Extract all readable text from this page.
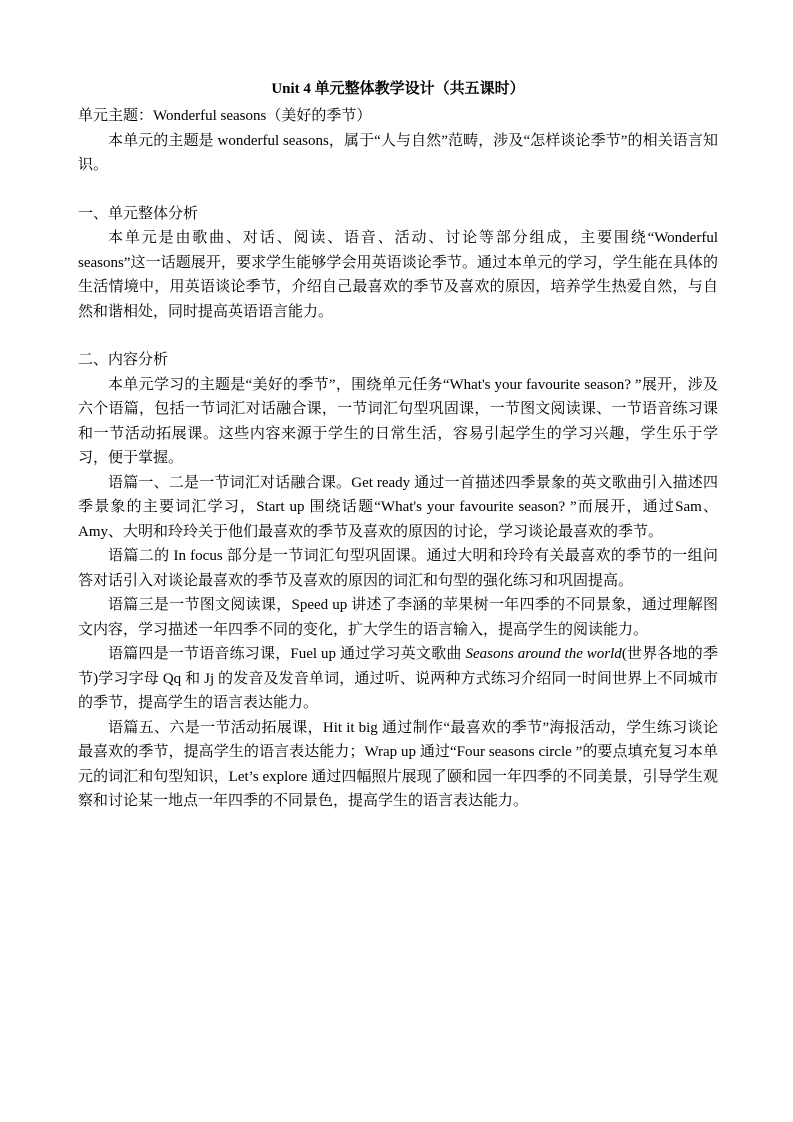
Unit 4 单元整体教学设计（共五课时）

单元主题：Wonderful seasons（美好的季节）

本单元的主题是 wonderful seasons，属于“人与自然”范畴，涉及“怎样谈论季节”的相关语言知识。

一、单元整体分析

本单元是由歌曲、对话、阅读、语音、活动、讨论等部分组成，主要围绕“Wonderful seasons”这一话题展开，要求学生能够学会用英语谈论季节。通过本单元的学习，学生能在具体的生活情境中，用英语谈论季节，介绍自己最喜欢的季节及喜欢的原因，培养学生热爱自然，与自然和谐相处，同时提高英语语言能力。

二、内容分析

本单元学习的主题是“美好的季节”，围绕单元任务“What's your favourite season? ”展开，涉及六个语篇，包括一节词汇对话融合课，一节词汇句型巩固课，一节图文阅读课、一节语音练习课和一节活动拓展课。这些内容来源于学生的日常生活，容易引起学生的学习兴趣，学生乐于学习，便于掌握。

语篇一、二是一节词汇对话融合课。Get ready 通过一首描述四季景象的英文歌曲引入描述四季景象的主要词汇学习，Start up 围绕话题“What's your favourite season? ”而展开，通过Sam、Amy、大明和玲玲关于他们最喜欢的季节及喜欢的原因的讨论，学习谈论最喜欢的季节。

语篇二的 In focus 部分是一节词汇句型巩固课。通过大明和玲玲有关最喜欢的季节的一组问答对话引入对谈论最喜欢的季节及喜欢的原因的词汇和句型的强化练习和巩固提高。

语篇三是一节图文阅读课，Speed up 讲述了李涵的苹果树一年四季的不同景象，通过理解图文内容，学习描述一年四季不同的变化，扩大学生的语言输入，提高学生的阅读能力。

语篇四是一节语音练习课，Fuel up 通过学习英文歌曲 Seasons around the world(世界各地的季节)学习字母 Qq 和 Jj 的发音及发音单词，通过听、说两种方式练习介绍同一时间世界上不同城市的季节，提高学生的语言表达能力。

语篇五、六是一节活动拓展课，Hit it big 通过制作“最喜欢的季节”海报活动，学生练习谈论最喜欢的季节，提高学生的语言表达能力；Wrap up 通过“Four seasons circle ”的要点填充复习本单元的词汇和句型知识，Let’s explore 通过四幅照片展现了颐和园一年四季的不同美景，引导学生观察和讨论某一地点一年四季的不同景色，提高学生的语言表达能力。
